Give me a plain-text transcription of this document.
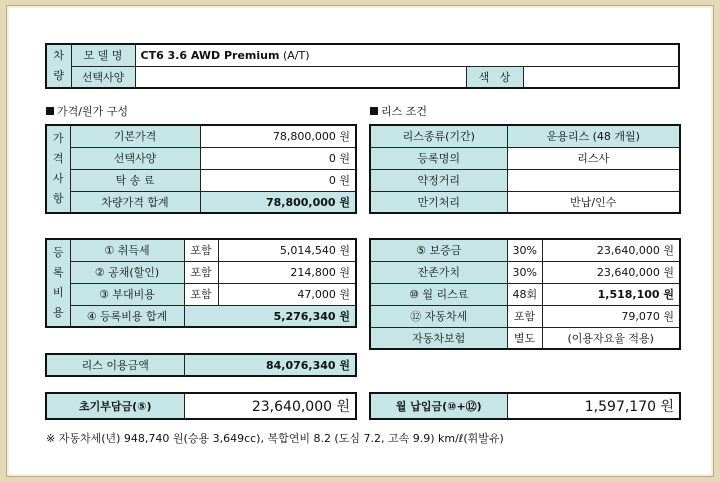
차
량	모 델 명	CT6 3.6 AWD Premium (A/T)		
	선택사양		색   상	
가격/원가 구성	리스 조건
가
격
사
항	기본가격	78,800,000 원
	선택사양	0 원
	탁 송 료	0 원
	차량가격 합계	78,800,000 원
리스종류(기간)	운용리스 (48 개월)
등록명의	리스사
약정거리	
만기처리	반납/인수
등
록
비
용	① 취득세	포함	5,014,540 원
	② 공채(할인)	포함	214,800 원
	③ 부대비용	포함	47,000 원
	④ 등록비용 합계	5,276,340 원	
⑤ 보증금	30%	23,640,000 원
잔존가치	30%	23,640,000 원
⑩ 월 리스료	48회	1,518,100 원
⑫ 자동차세	포함	79,070 원
자동차보험	별도	(이용자요율 적용)
리스 이용금액	84,076,340 원
초기부담금(⑤)	23,640,000 원	월 납입금(⑩+⑫)	1,597,170 원
※ 자동차세(년) 948,740 원(승용 3,649cc), 복합연비 8.2 (도심 7.2, 고속 9.9) km/ℓ(휘발유)
